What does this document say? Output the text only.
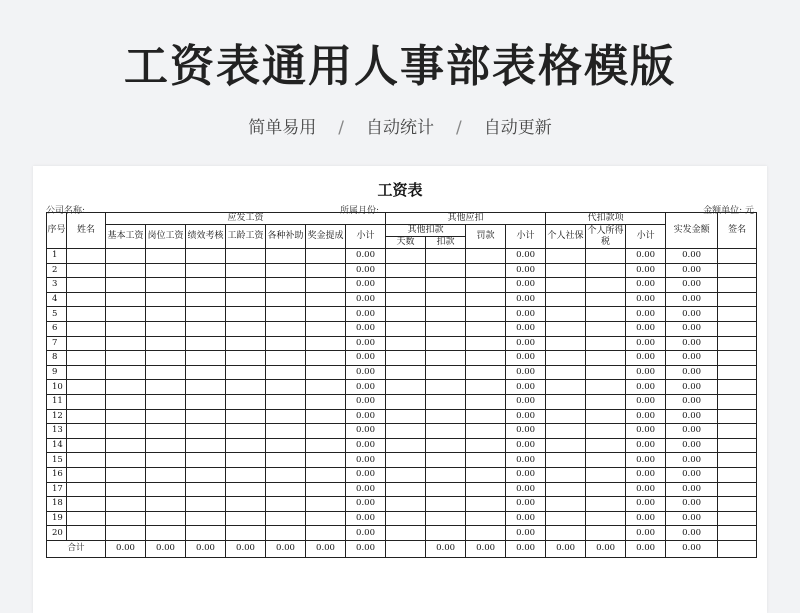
工资表通用人事部表格模版
简单易用 / 自动统计 / 自动更新
工资表
公司名称:	所属月份:	金额单位: 元
序号	姓名	应发工资							其他应扣				代扣款项			实发金额	签名
		基本工资	岗位工资	绩效考核	工龄工资	各种补助	奖金提成	小计	其他扣款		罚款	小计	个人社保	个人所得税	小计		
									天数	扣款							
1								0.00				0.00			0.00	0.00	
2								0.00				0.00			0.00	0.00	
3								0.00				0.00			0.00	0.00	
4								0.00				0.00			0.00	0.00	
5								0.00				0.00			0.00	0.00	
6								0.00				0.00			0.00	0.00	
7								0.00				0.00			0.00	0.00	
8								0.00				0.00			0.00	0.00	
9								0.00				0.00			0.00	0.00	
10								0.00				0.00			0.00	0.00	
11								0.00				0.00			0.00	0.00	
12								0.00				0.00			0.00	0.00	
13								0.00				0.00			0.00	0.00	
14								0.00				0.00			0.00	0.00	
15								0.00				0.00			0.00	0.00	
16								0.00				0.00			0.00	0.00	
17								0.00				0.00			0.00	0.00	
18								0.00				0.00			0.00	0.00	
19								0.00				0.00			0.00	0.00	
20								0.00				0.00			0.00	0.00	
合计		0.00	0.00	0.00	0.00	0.00	0.00	0.00		0.00	0.00	0.00	0.00	0.00	0.00	0.00	
